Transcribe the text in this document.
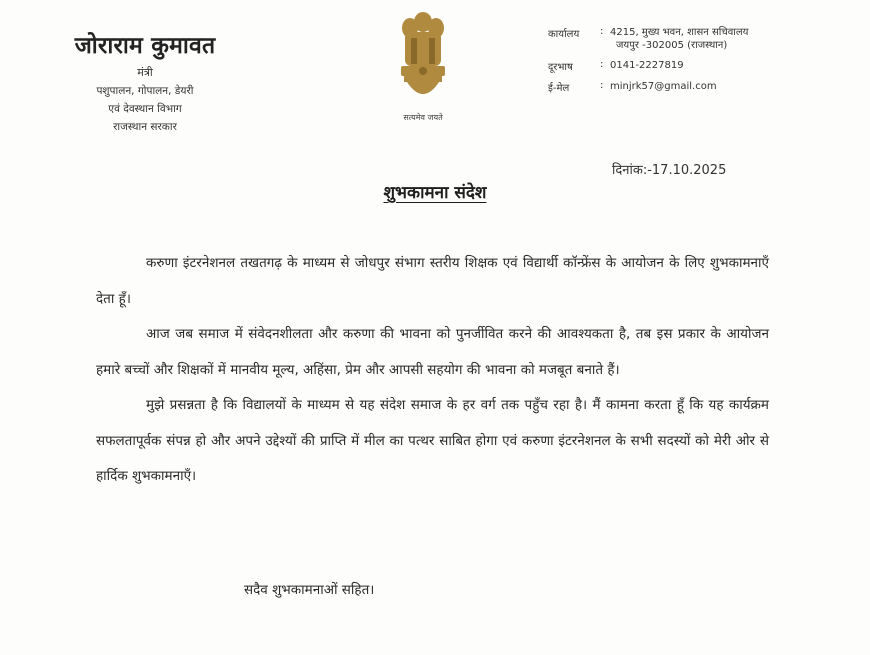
जोराराम कुमावत
मंत्री
पशुपालन, गोपालन, डेयरी
एवं देवस्थान विभाग
राजस्थान सरकार
सत्यमेव जयते
कार्यालय	: 4215, मुख्य भवन, शासन सचिवालय
जयपुर -302005 (राजस्थान)
दूरभाष	: 0141-2227819
ई-मेल	: minjrk57@gmail.com
दिनांक:-17.10.2025
शुभकामना संदेश

करुणा इंटरनेशनल तखतगढ़ के माध्यम से जोधपुर संभाग स्तरीय शिक्षक एवं विद्यार्थी कॉन्फ्रेंस के आयोजन के लिए शुभकामनाएँ देता हूँ।

आज जब समाज में संवेदनशीलता और करुणा की भावना को पुनर्जीवित करने की आवश्यकता है, तब इस प्रकार के आयोजन हमारे बच्चों और शिक्षकों में मानवीय मूल्य, अहिंसा, प्रेम और आपसी सहयोग की भावना को मजबूत बनाते हैं।

मुझे प्रसन्नता है कि विद्यालयों के माध्यम से यह संदेश समाज के हर वर्ग तक पहुँच रहा है। मैं कामना करता हूँ कि यह कार्यक्रम सफलतापूर्वक संपन्न हो और अपने उद्देश्यों की प्राप्ति में मील का पत्थर साबित होगा एवं करुणा इंटरनेशनल के सभी सदस्यों को मेरी ओर से हार्दिक शुभकामनाएँ।

सदैव शुभकामनाओं सहित।
